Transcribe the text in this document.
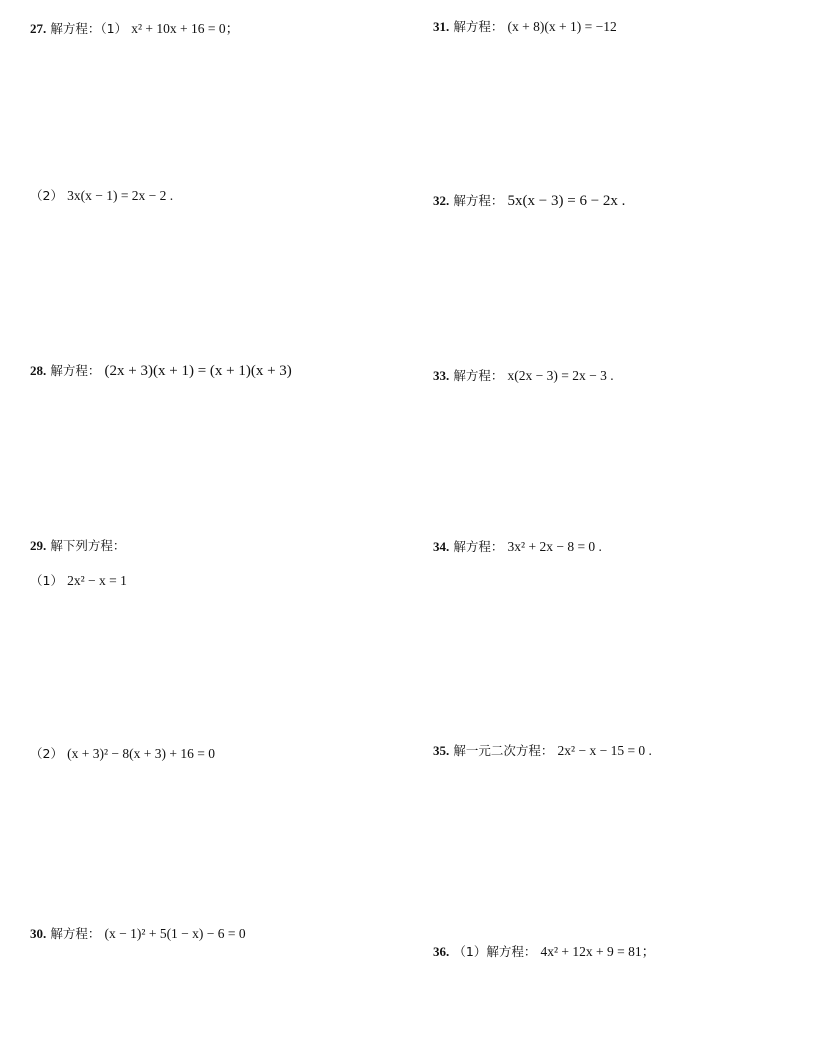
27. 解方程：（1） x² + 10x + 16 = 0；
（2） 3x(x − 1) = 2x − 2 .
28. 解方程： (2x + 3)(x + 1) = (x + 1)(x + 3)
29. 解下列方程：
（1） 2x² − x = 1
（2） (x + 3)² − 8(x + 3) + 16 = 0
30. 解方程： (x − 1)² + 5(1 − x) − 6 = 0
31. 解方程： (x + 8)(x + 1) = −12
32. 解方程： 5x(x − 3) = 6 − 2x .
33. 解方程： x(2x − 3) = 2x − 3 .
34. 解方程： 3x² + 2x − 8 = 0 .
35. 解一元二次方程： 2x² − x − 15 = 0 .
36. （1）解方程： 4x² + 12x + 9 = 81；
